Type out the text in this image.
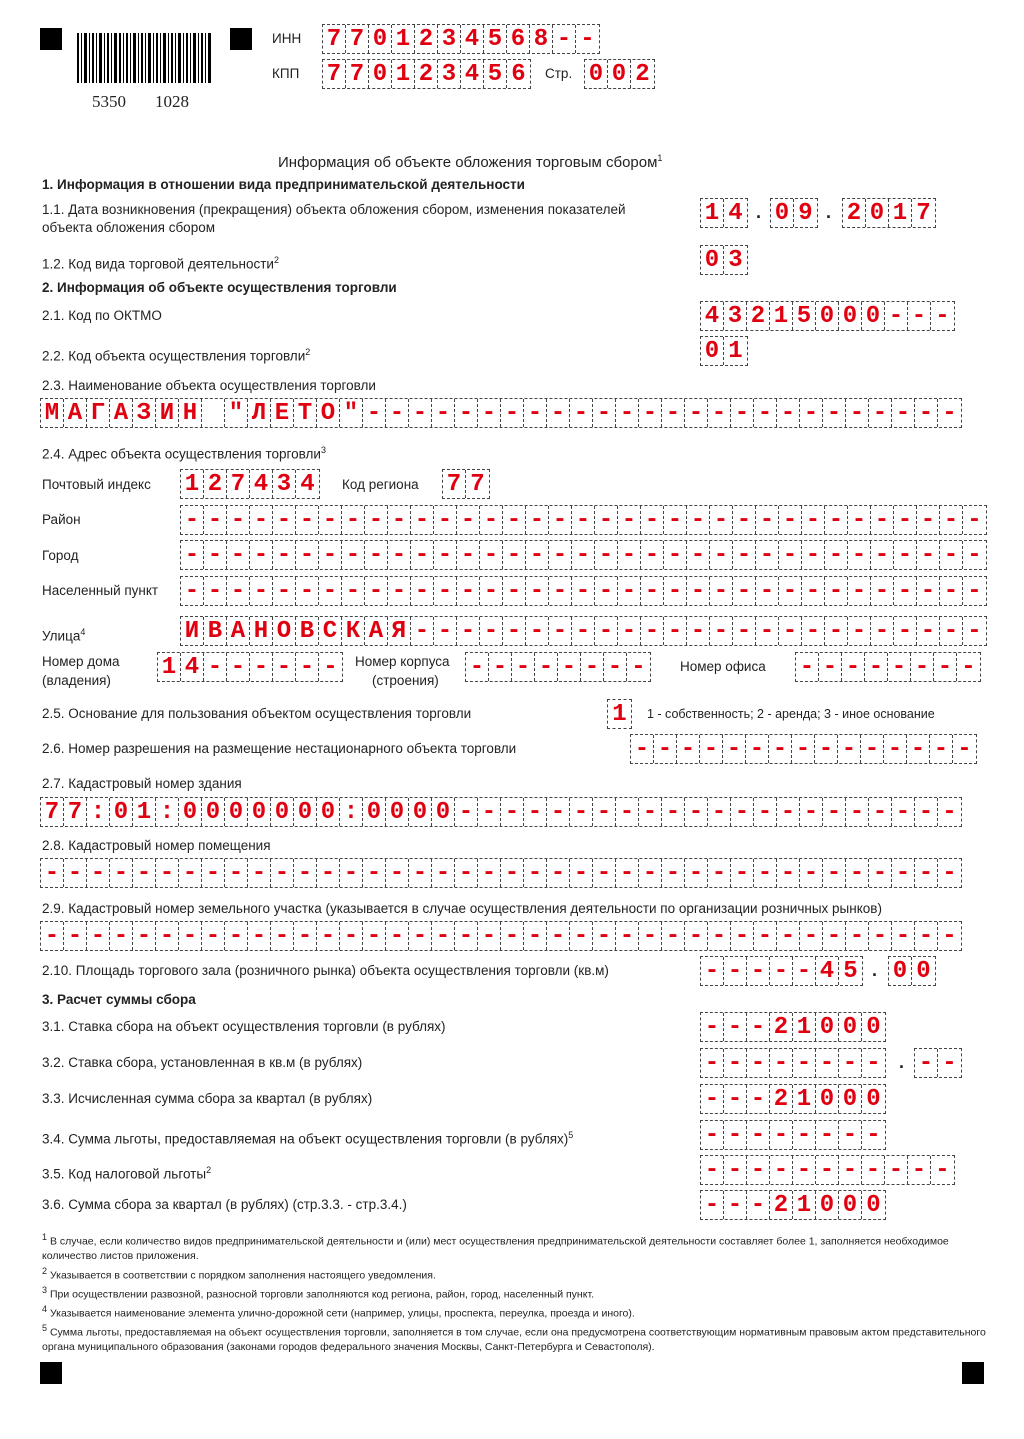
5350 1028
ИНН 7 7 0 1 2 3 4 5 6 8 - -
КПП 7 7 0 1 2 3 4 5 6	Стр. 0 0 2
Информация об объекте обложения торговым сбором$^1$
1. Информация в отношении вида предпринимательской деятельности
1.1. Дата возникновения (прекращения) объекта обложения сбором, изменения показателей
объекта обложения сбором
1 4 . 0 9 . 2 0 1 7
1.2. Код вида торговой деятельности$^2$	0 3
2. Информация об объекте осуществления торговли
2.1. Код по ОКТМО	4 3 2 1 5 0 0 0 - - -
2.2. Код объекта осуществления торговли$^2$	0 1
2.3. Наименование объекта осуществления торговли
М А Г А З И Н " Л Е Т О " - - - - - - - - - - - - - - - - - - - - - - - - - -
2.4. Адрес объекта осуществления торговли$^3$
Почтовый индекс 1 2 7 4 3 4	Код региона 7 7
Район	- - - - - - - - - - - - - - - - - - - - - - - - - - - - - - - - - - -
Город	- - - - - - - - - - - - - - - - - - - - - - - - - - - - - - - - - - -
Населенный пункт - - - - - - - - - - - - - - - - - - - - - - - - - - - - - - - - - - -
Улица$^4$	И В А Н О В С К А Я - - - - - - - - - - - - - - - - - - - - - - - - -
Номер дома
(владения) 1 4 - - - - - -	Номер корпуса
(строения) - - - - - - - -	Номер офиса - - - - - - - -
2.5. Основание для пользования объектом осуществления торговли	1	1 - собственность; 2 - аренда; 3 - иное основание
2.6. Номер разрешения на размещение нестационарного объекта торговли	- - - - - - - - - - - - - - -
2.7. Кадастровый номер здания
7 7 : 0 1 : 0 0 0 0 0 0 0 : 0 0 0 0 - - - - - - - - - - - - - - - - - - - - - -
2.8. Кадастровый номер помещения
- - - - - - - - - - - - - - - - - - - - - - - - - - - - - - - - - - - - - - - -
2.9. Кадастровый номер земельного участка (указывается в случае осуществления деятельности по организации розничных рынков)
- - - - - - - - - - - - - - - - - - - - - - - - - - - - - - - - - - - - - - - -
2.10. Площадь торгового зала (розничного рынка) объекта осуществления торговли (кв.м)	- - - - - 4 5 . 0 0
3. Расчет суммы сбора
3.1. Ставка сбора на объект осуществления торговли (в рублях)	- - - 2 1 0 0 0
3.2. Ставка сбора, установленная в кв.м (в рублях)	- - - - - - - - . - -
3.3. Исчисленная сумма сбора за квартал (в рублях)	- - - 2 1 0 0 0
3.4. Сумма льготы, предоставляемая на объект осуществления торговли (в рублях)$^5$	- - - - - - - -
3.5. Код налоговой льготы$^2$	- - - - - - - - - - -
3.6. Сумма сбора за квартал (в рублях) (стр.3.3. - стр.3.4.)	- - - 2 1 0 0 0
1 В случае, если количество видов предпринимательской деятельности и (или) мест осуществления предпринимательской деятельности составляет более 1, заполняется необходимое количество листов приложения.
2 Указывается в соответствии с порядком заполнения настоящего уведомления.
3 При осуществлении развозной, разносной торговли заполняются код региона, район, город, населенный пункт.
4 Указывается наименование элемента улично-дорожной сети (например, улицы, проспекта, переулка, проезда и иного).
5 Сумма льготы, предоставляемая на объект осуществления торговли, заполняется в том случае, если она предусмотрена соответствующим нормативным правовым актом представительного органа муниципального образования (законами городов федерального значения Москвы, Санкт-Петербурга и Севастополя).
